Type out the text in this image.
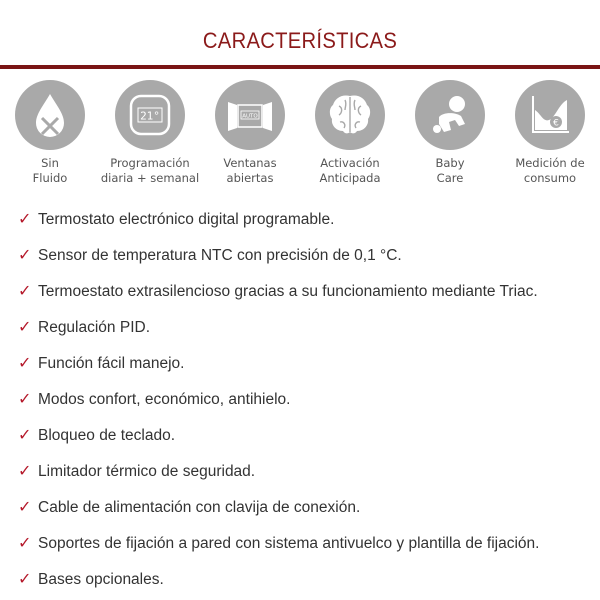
CARACTERÍSTICAS
Sin
Fluido
21°
Programación
diaria + semanal
AUTO
Ventanas
abiertas
Activación
Anticipada
Baby
Care
€
Medición de
consumo
✓ Termostato electrónico digital programable.
✓ Sensor de temperatura NTC con precisión de 0,1 °C.
✓ Termoestato extrasilencioso gracias a su funcionamiento mediante Triac.
✓ Regulación PID.
✓ Función fácil manejo.
✓ Modos confort, económico, antihielo.
✓ Bloqueo de teclado.
✓ Limitador térmico de seguridad.
✓ Cable de alimentación con clavija de conexión.
✓ Soportes de fijación a pared con sistema antivuelco y plantilla de fijación.
✓ Bases opcionales.
